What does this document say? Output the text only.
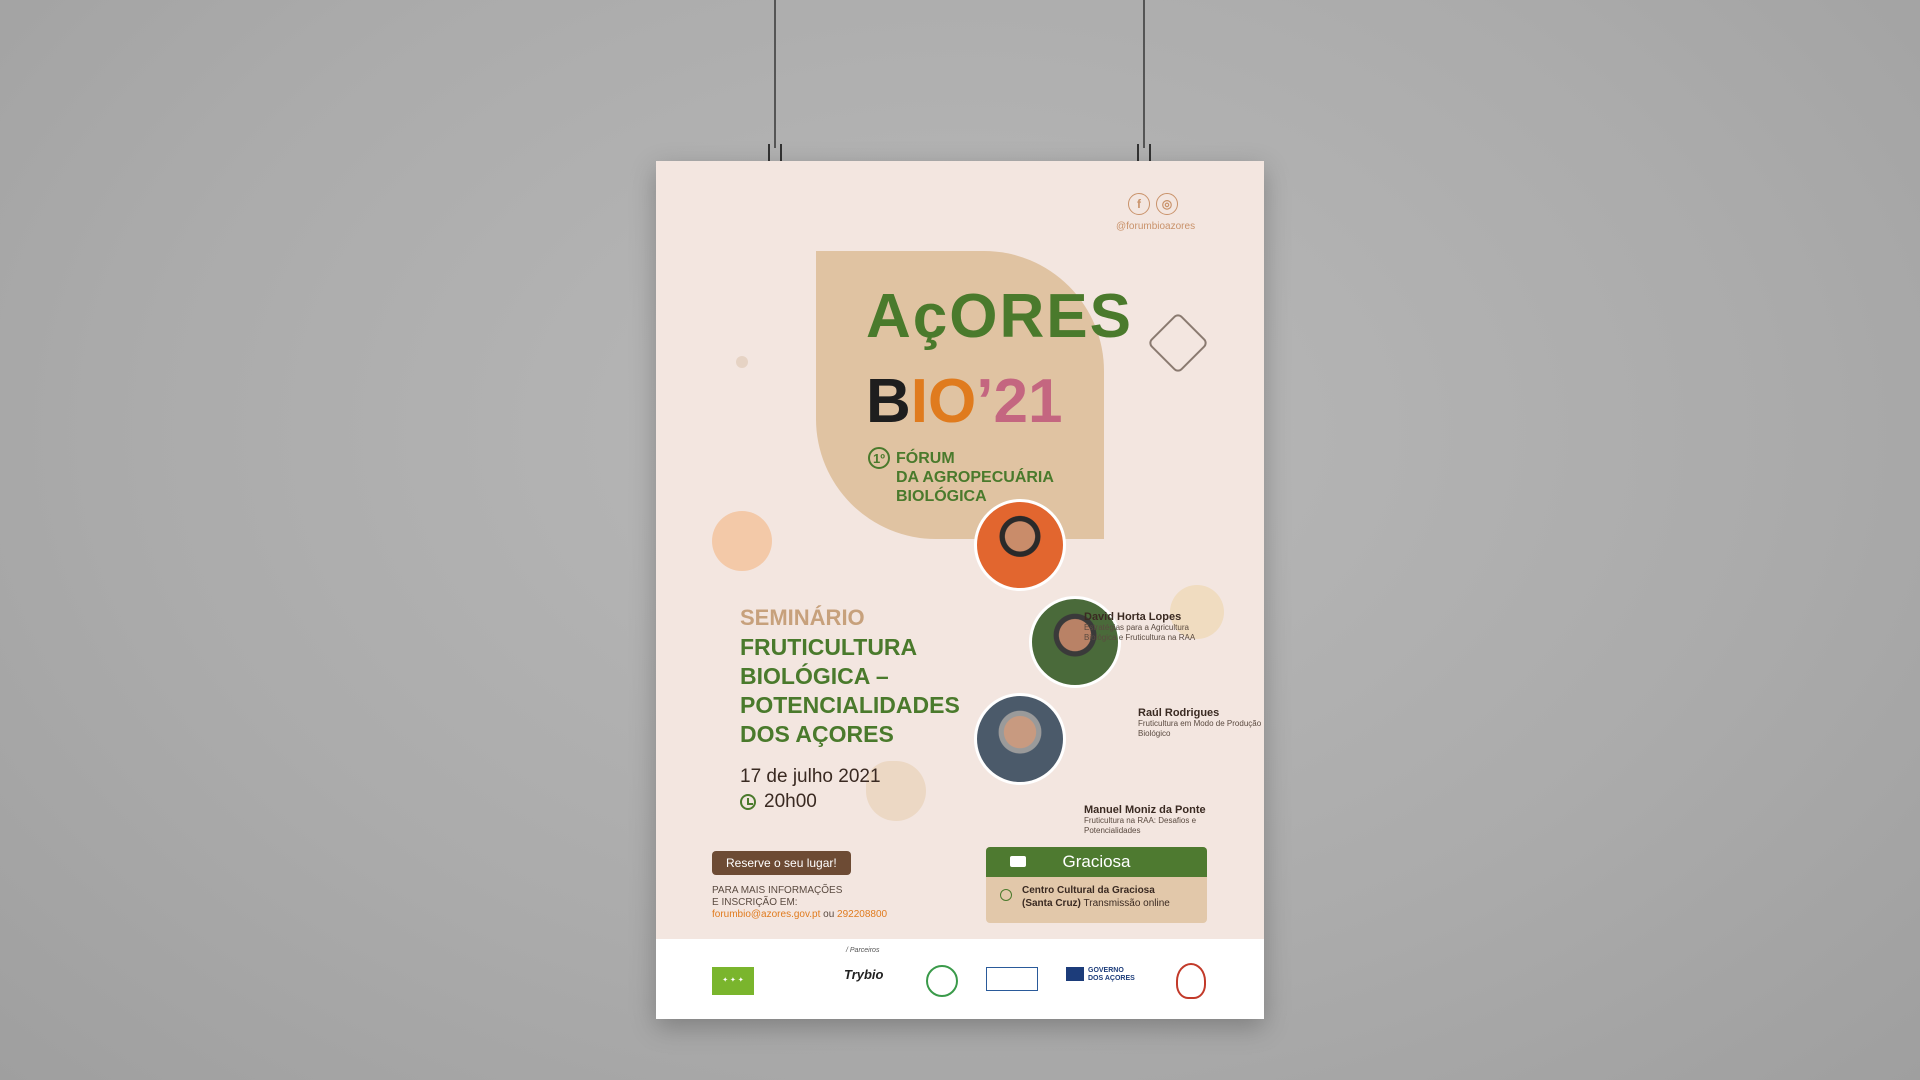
f	◎
@forumbioazores
AçORES
BIO’21
1º FÓRUM
DA AGROPECUÁRIA
BIOLÓGICA
SEMINÁRIO
FRUTICULTURA
BIOLÓGICA –
POTENCIALIDADES
DOS AÇORES
17 de julho 2021
20h00
David Horta Lopes
Estratégias para a Agricultura Biológica e Fruticultura na RAA
Raúl Rodrigues
Fruticultura em Modo de Produção Biológico
Manuel Moniz da Ponte
Fruticultura na RAA: Desafios e Potencialidades
Reserve o seu lugar!
PARA MAIS INFORMAÇÕES
E INSCRIÇÃO EM:
forumbio@azores.gov.pt ou 292208800
Graciosa
Centro Cultural da Graciosa
(Santa Cruz) Transmissão online
/ Parceiros
✦ ✦ ✦	Trybio	GOVERNO
DOS AÇORES
